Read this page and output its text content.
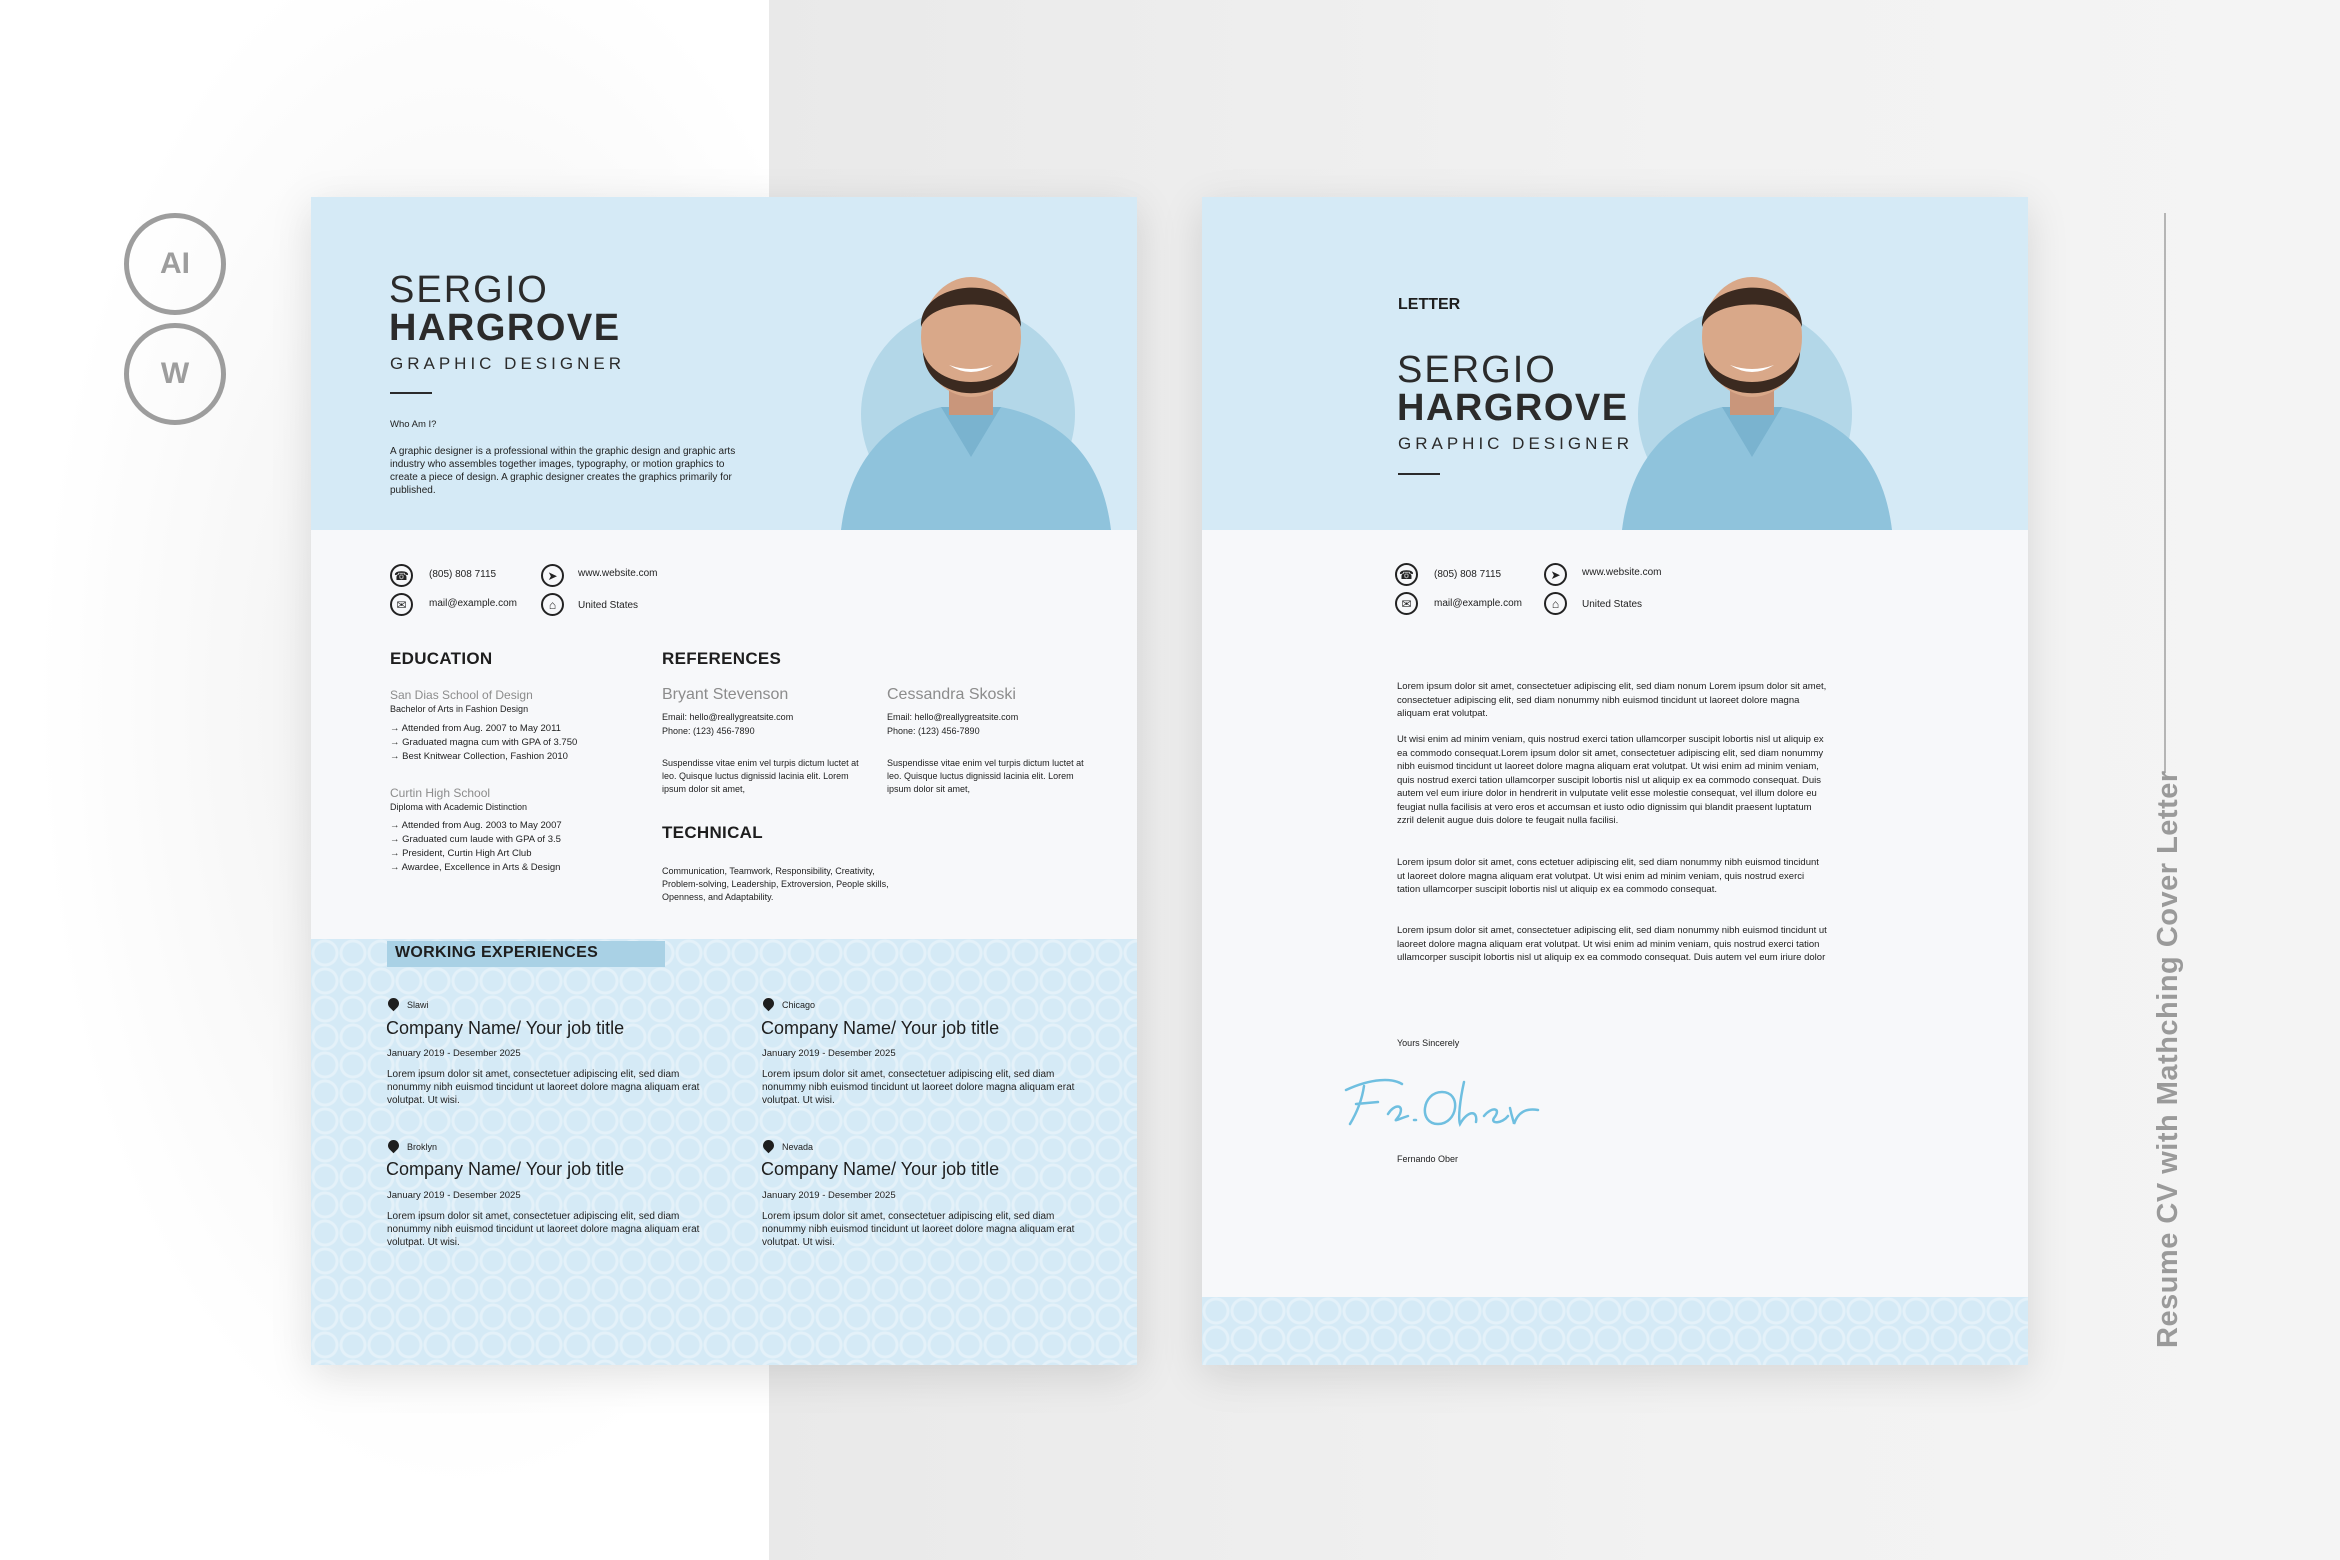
AI
W
Resume CV with Mathching Cover Letter
SERGIO
HARGROVE
GRAPHIC DESIGNER
Who Am I?
A graphic designer is a professional within the graphic design and graphic arts industry who assembles together images, typography, or motion graphics to create a piece of design. A graphic designer creates the graphics primarily for published.
☎	(805) 808 7115
✉	mail@example.com
➤	www.website.com
⌂	United States
EDUCATION
San Dias School of Design
Bachelor of Arts in Fashion Design
→ Attended from Aug. 2007 to May 2011
→ Graduated magna cum with GPA of 3.750
→ Best Knitwear Collection, Fashion 2010
Curtin High School
Diploma with Academic Distinction
→ Attended from Aug. 2003 to May 2007
→ Graduated cum laude with GPA of 3.5
→ President, Curtin High Art Club
→ Awardee, Excellence in Arts & Design
REFERENCES
Bryant Stevenson
Email: hello@reallygreatsite.com
Phone: (123) 456-7890
Suspendisse vitae enim vel turpis dictum luctet at leo. Quisque luctus dignissid lacinia elit. Lorem ipsum dolor sit amet,
Cessandra Skoski
Email: hello@reallygreatsite.com
Phone: (123) 456-7890
Suspendisse vitae enim vel turpis dictum luctet at leo. Quisque luctus dignissid lacinia elit. Lorem ipsum dolor sit amet,
TECHNICAL
Communication, Teamwork, Responsibility, Creativity, Problem-solving, Leadership, Extroversion, People skills, Openness, and Adaptability.
WORKING EXPERIENCES
Slawi
Company Name/ Your job title
January 2019 - Desember 2025
Lorem ipsum dolor sit amet, consectetuer adipiscing elit, sed diam nonummy nibh euismod tincidunt ut laoreet dolore magna aliquam erat volutpat. Ut wisi.
Chicago
Company Name/ Your job title
January 2019 - Desember 2025
Lorem ipsum dolor sit amet, consectetuer adipiscing elit, sed diam nonummy nibh euismod tincidunt ut laoreet dolore magna aliquam erat volutpat. Ut wisi.
Broklyn
Company Name/ Your job title
January 2019 - Desember 2025
Lorem ipsum dolor sit amet, consectetuer adipiscing elit, sed diam nonummy nibh euismod tincidunt ut laoreet dolore magna aliquam erat volutpat. Ut wisi.
Nevada
Company Name/ Your job title
January 2019 - Desember 2025
Lorem ipsum dolor sit amet, consectetuer adipiscing elit, sed diam nonummy nibh euismod tincidunt ut laoreet dolore magna aliquam erat volutpat. Ut wisi.
LETTER
SERGIO
HARGROVE
GRAPHIC DESIGNER
☎	(805) 808 7115
✉	mail@example.com
➤	www.website.com
⌂	United States
Lorem ipsum dolor sit amet, consectetuer adipiscing elit, sed diam nonum Lorem ipsum dolor sit amet, consectetuer adipiscing elit, sed diam nonummy nibh euismod tincidunt ut laoreet dolore magna aliquam erat volutpat.
Ut wisi enim ad minim veniam, quis nostrud exerci tation ullamcorper suscipit lobortis nisl ut aliquip ex ea commodo consequat.Lorem ipsum dolor sit amet, consectetuer adipiscing elit, sed diam nonummy nibh euismod tincidunt ut laoreet dolore magna aliquam erat volutpat. Ut wisi enim ad minim veniam, quis nostrud exerci tation ullamcorper suscipit lobortis nisl ut aliquip ex ea commodo consequat. Duis autem vel eum iriure dolor in hendrerit in vulputate velit esse molestie consequat, vel illum dolore eu feugiat nulla facilisis at vero eros et accumsan et iusto odio dignissim qui blandit praesent luptatum zzril delenit augue duis dolore te feugait nulla facilisi.
Lorem ipsum dolor sit amet, cons ectetuer adipiscing elit, sed diam nonummy nibh euismod tincidunt ut laoreet dolore magna aliquam erat volutpat. Ut wisi enim ad minim veniam, quis nostrud exerci tation ullamcorper suscipit lobortis nisl ut aliquip ex ea commodo consequat.
Lorem ipsum dolor sit amet, consectetuer adipiscing elit, sed diam nonummy nibh euismod tincidunt ut laoreet dolore magna aliquam erat volutpat. Ut wisi enim ad minim veniam, quis nostrud exerci tation ullamcorper suscipit lobortis nisl ut aliquip ex ea commodo consequat. Duis autem vel eum iriure dolor
Yours Sincerely
Fernando Ober
